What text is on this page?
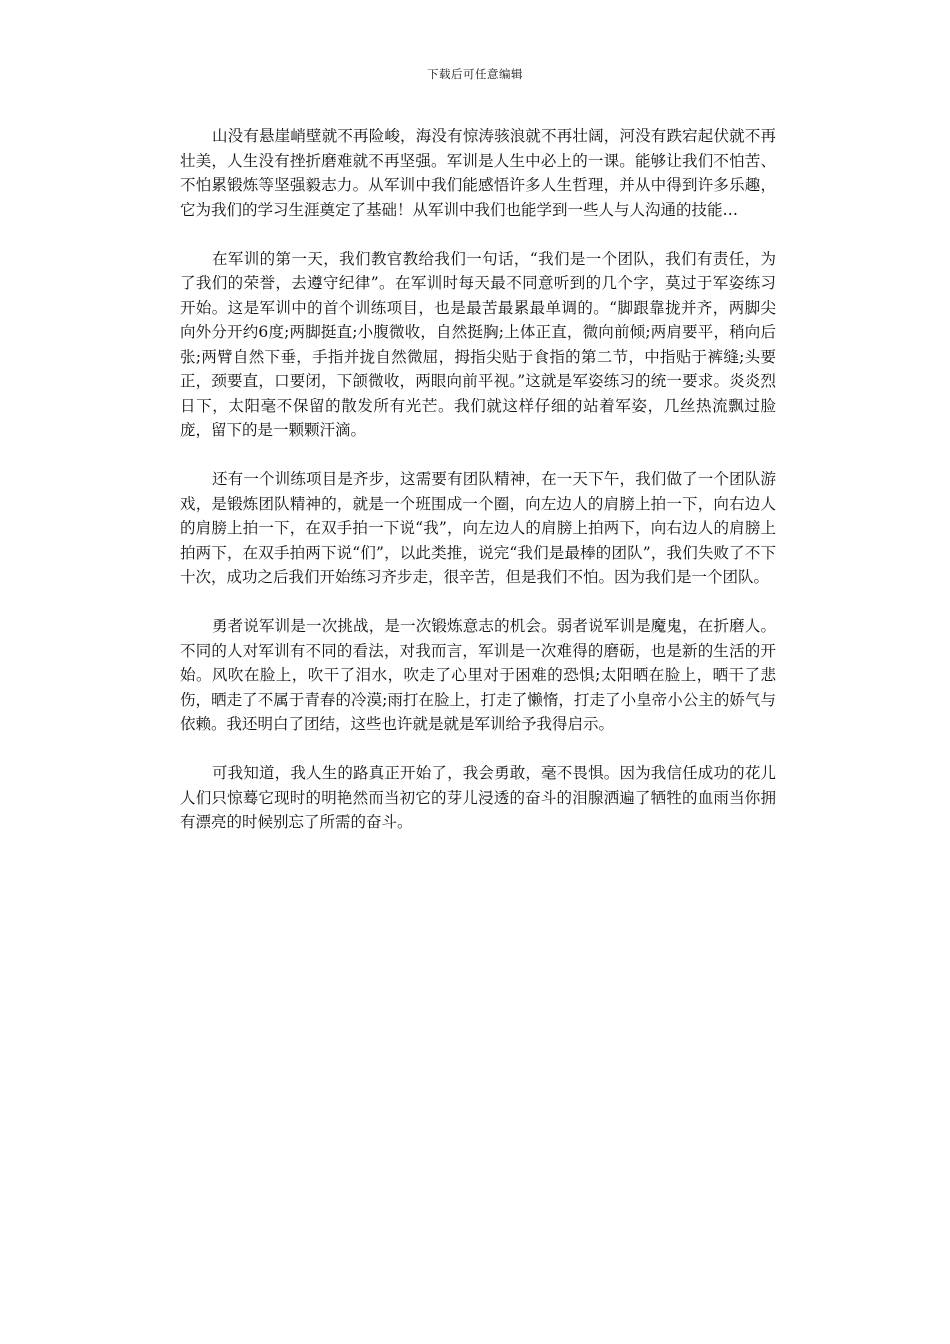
下载后可任意编辑

山没有悬崖峭壁就不再险峻，海没有惊涛骇浪就不再壮阔，河没有跌宕起伏就不再壮美，人生没有挫折磨难就不再坚强。军训是人生中必上的一课。能够让我们不怕苦、不怕累锻炼等坚强毅志力。从军训中我们能感悟许多人生哲理，并从中得到许多乐趣，它为我们的学习生涯奠定了基础！从军训中我们也能学到一些人与人沟通的技能…

在军训的第一天，我们教官教给我们一句话，“我们是一个团队，我们有责任，为了我们的荣誉，去遵守纪律”。在军训时每天最不同意听到的几个字，莫过于军姿练习开始。这是军训中的首个训练项目，也是最苦最累最单调的。“脚跟靠拢并齐，两脚尖向外分开约6度;两脚挺直;小腹微收，自然挺胸;上体正直，微向前倾;两肩要平，稍向后张;两臂自然下垂，手指并拢自然微屈，拇指尖贴于食指的第二节，中指贴于裤缝;头要正，颈要直，口要闭，下颌微收，两眼向前平视。”这就是军姿练习的统一要求。炎炎烈日下，太阳毫不保留的散发所有光芒。我们就这样仔细的站着军姿，几丝热流飘过脸庞，留下的是一颗颗汗滴。

还有一个训练项目是齐步，这需要有团队精神，在一天下午，我们做了一个团队游戏，是锻炼团队精神的，就是一个班围成一个圈，向左边人的肩膀上拍一下，向右边人的肩膀上拍一下，在双手拍一下说“我”，向左边人的肩膀上拍两下，向右边人的肩膀上拍两下，在双手拍两下说“们”，以此类推，说完“我们是最棒的团队”，我们失败了不下十次，成功之后我们开始练习齐步走，很辛苦，但是我们不怕。因为我们是一个团队。

勇者说军训是一次挑战，是一次锻炼意志的机会。弱者说军训是魔鬼，在折磨人。不同的人对军训有不同的看法，对我而言，军训是一次难得的磨砺，也是新的生活的开始。风吹在脸上，吹干了泪水，吹走了心里对于困难的恐惧;太阳晒在脸上，晒干了悲伤，晒走了不属于青春的冷漠;雨打在脸上，打走了懒惰，打走了小皇帝小公主的娇气与依赖。我还明白了团结，这些也许就是就是军训给予我得启示。

可我知道，我人生的路真正开始了，我会勇敢，毫不畏惧。因为我信任成功的花儿人们只惊蓦它现时的明艳然而当初它的芽儿浸透的奋斗的泪腺洒遍了牺牲的血雨当你拥有漂亮的时候别忘了所需的奋斗。
